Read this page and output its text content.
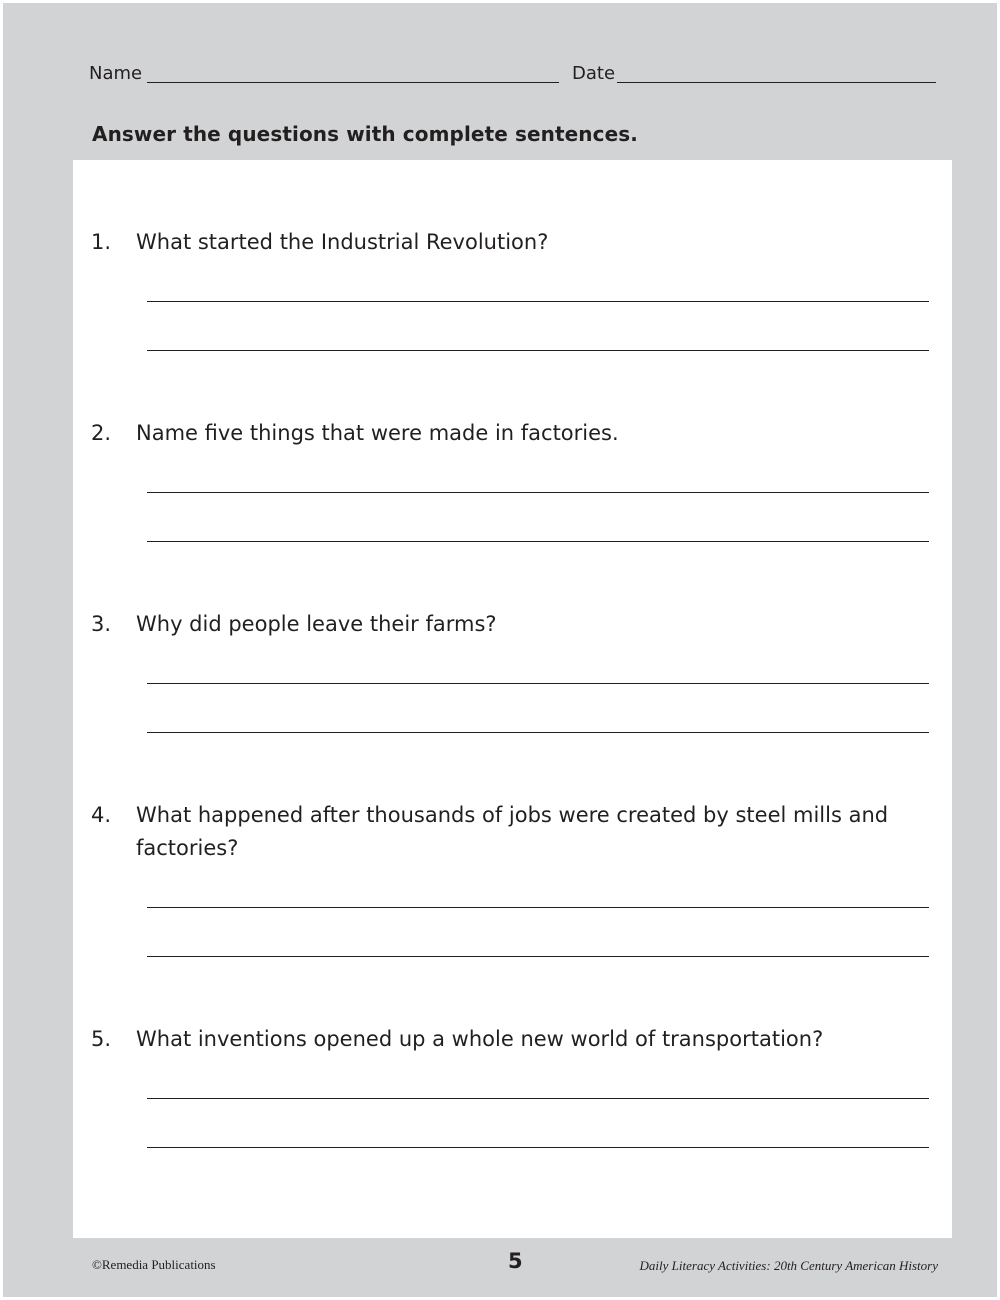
Name	Date
Answer the questions with complete sentences.
1. What started the Industrial Revolution?
2. Name five things that were made in factories.
3. Why did people leave their farms?
4. What happened after thousands of jobs were created by steel mills and factories?
5. What inventions opened up a whole new world of transportation?
©Remedia Publications	5	Daily Literacy Activities: 20th Century American History
